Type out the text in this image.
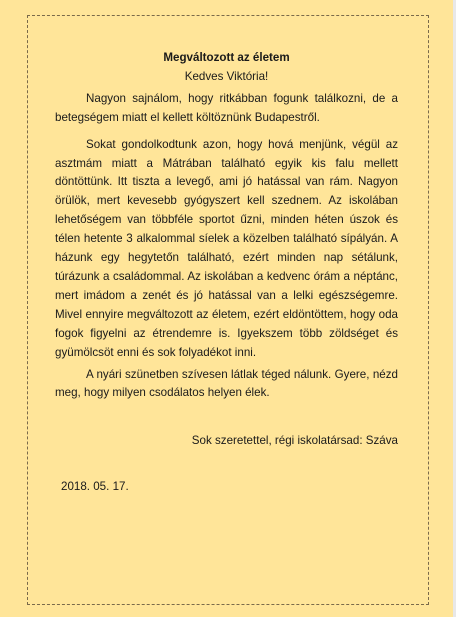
Megváltozott az életem

Kedves Viktória!

Nagyon sajnálom, hogy ritkábban fogunk találkozni, de a betegségem miatt el kellett költöznünk Budapestről.

Sokat gondolkodtunk azon, hogy hová menjünk, végül az asztmám miatt a Mátrában található egyik kis falu mellett döntöttünk. Itt tiszta a levegő, ami jó hatással van rám. Nagyon örülök, mert kevesebb gyógyszert kell szednem. Az iskolában lehetőségem van többféle sportot űzni, minden héten úszok és télen hetente 3 alkalommal síelek a közelben található sípályán. A házunk egy hegytetőn található, ezért minden nap sétálunk, túrázunk a családommal. Az iskolában a kedvenc órám a néptánc, mert imádom a zenét és jó hatással van a lelki egészségemre. Mivel ennyire megváltozott az életem, ezért eldöntöttem, hogy oda fogok figyelni az étrendemre is. Igyekszem több zöldséget és gyümölcsöt enni és sok folyadékot inni.

A nyári szünetben szívesen látlak téged nálunk. Gyere, nézd meg, hogy milyen csodálatos helyen élek.

Sok szeretettel, régi iskolatársad: Száva

2018. 05. 17.
